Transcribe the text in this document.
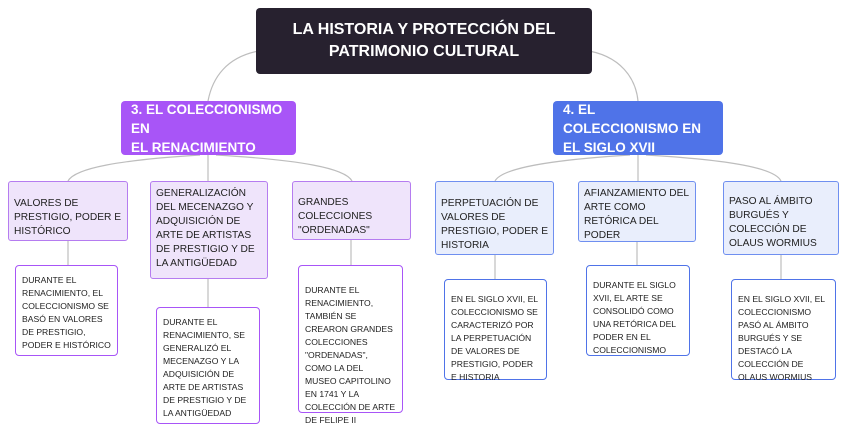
LA HISTORIA Y PROTECCIÓN DEL
PATRIMONIO CULTURAL
3. EL COLECCIONISMO EN
EL RENACIMIENTO
4. EL COLECCIONISMO EN
EL SIGLO XVII
VALORES DE PRESTIGIO, PODER E HISTÓRICO
GENERALIZACIÓN DEL MECENAZGO Y ADQUISICIÓN DE ARTE DE ARTISTAS DE PRESTIGIO Y DE LA ANTIGÜEDAD
GRANDES COLECCIONES "ORDENADAS"
PERPETUACIÓN DE VALORES DE PRESTIGIO, PODER E HISTORIA
AFIANZAMIENTO DEL ARTE COMO RETÓRICA DEL PODER
PASO AL ÁMBITO BURGUÉS Y COLECCIÓN DE OLAUS WORMIUS
DURANTE EL RENACIMIENTO, EL COLECCIONISMO SE BASÓ EN VALORES DE PRESTIGIO, PODER E HISTÓRICO
DURANTE EL RENACIMIENTO, SE GENERALIZÓ EL MECENAZGO Y LA ADQUISICIÓN DE ARTE DE ARTISTAS DE PRESTIGIO Y DE LA ANTIGÜEDAD
DURANTE EL RENACIMIENTO, TAMBIÉN SE CREARON GRANDES COLECCIONES "ORDENADAS", COMO LA DEL MUSEO CAPITOLINO EN 1741 Y LA COLECCIÓN DE ARTE DE FELIPE II
EN EL SIGLO XVII, EL COLECCIONISMO SE CARACTERIZÓ POR LA PERPETUACIÓN DE VALORES DE PRESTIGIO, PODER E HISTORIA
DURANTE EL SIGLO XVII, EL ARTE SE CONSOLIDÓ COMO UNA RETÓRICA DEL PODER EN EL COLECCIONISMO
EN EL SIGLO XVII, EL COLECCIONISMO PASÓ AL ÁMBITO BURGUÉS Y SE DESTACÓ LA COLECCIÓN DE OLAUS WORMIUS
